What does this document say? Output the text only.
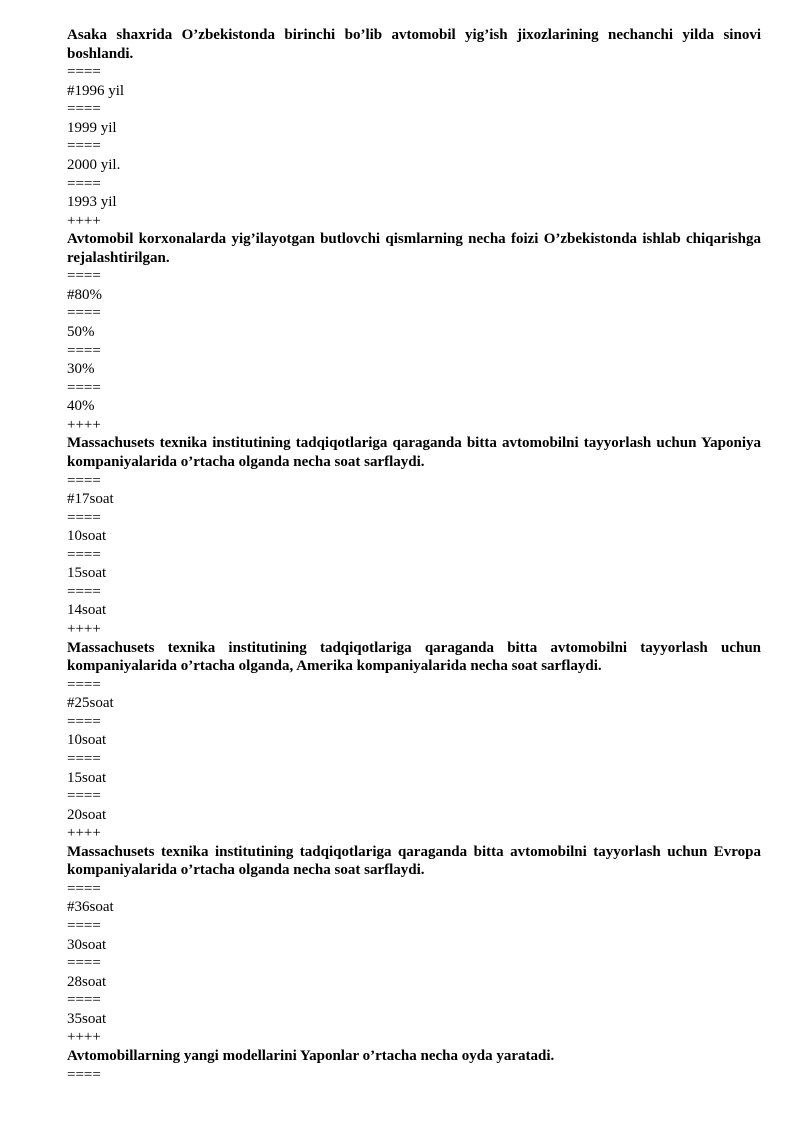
Asaka shaxrida O’zbekistonda birinchi bo’lib avtomobil yig’ish jixozlarining nechanchi yilda sinovi boshlandi.
====
#1996 yil
====
1999 yil
====
2000 yil.
====
1993 yil
++++
Avtomobil korxonalarda yig’ilayotgan butlovchi qismlarning necha foizi O’zbekistonda ishlab chiqarishga rejalashtirilgan.
====
#80%
====
50%
====
30%
====
40%
++++
Massachusets texnika institutining tadqiqotlariga qaraganda bitta avtomobilni tayyorlash uchun Yaponiya kompaniyalarida o’rtacha olganda necha soat sarflaydi.
====
#17soat
====
10soat
====
15soat
====
14soat
++++
Massachusets texnika institutining tadqiqotlariga qaraganda bitta avtomobilni tayyorlash uchun kompaniyalarida o’rtacha olganda, Amerika kompaniyalarida necha soat sarflaydi.
====
#25soat
====
10soat
====
15soat
====
20soat
++++
Massachusets texnika institutining tadqiqotlariga qaraganda bitta avtomobilni tayyorlash uchun Evropa kompaniyalarida o’rtacha olganda necha soat sarflaydi.
====
#36soat
====
30soat
====
28soat
====
35soat
++++
Avtomobillarning yangi modellarini Yaponlar o’rtacha necha oyda yaratadi.
====
